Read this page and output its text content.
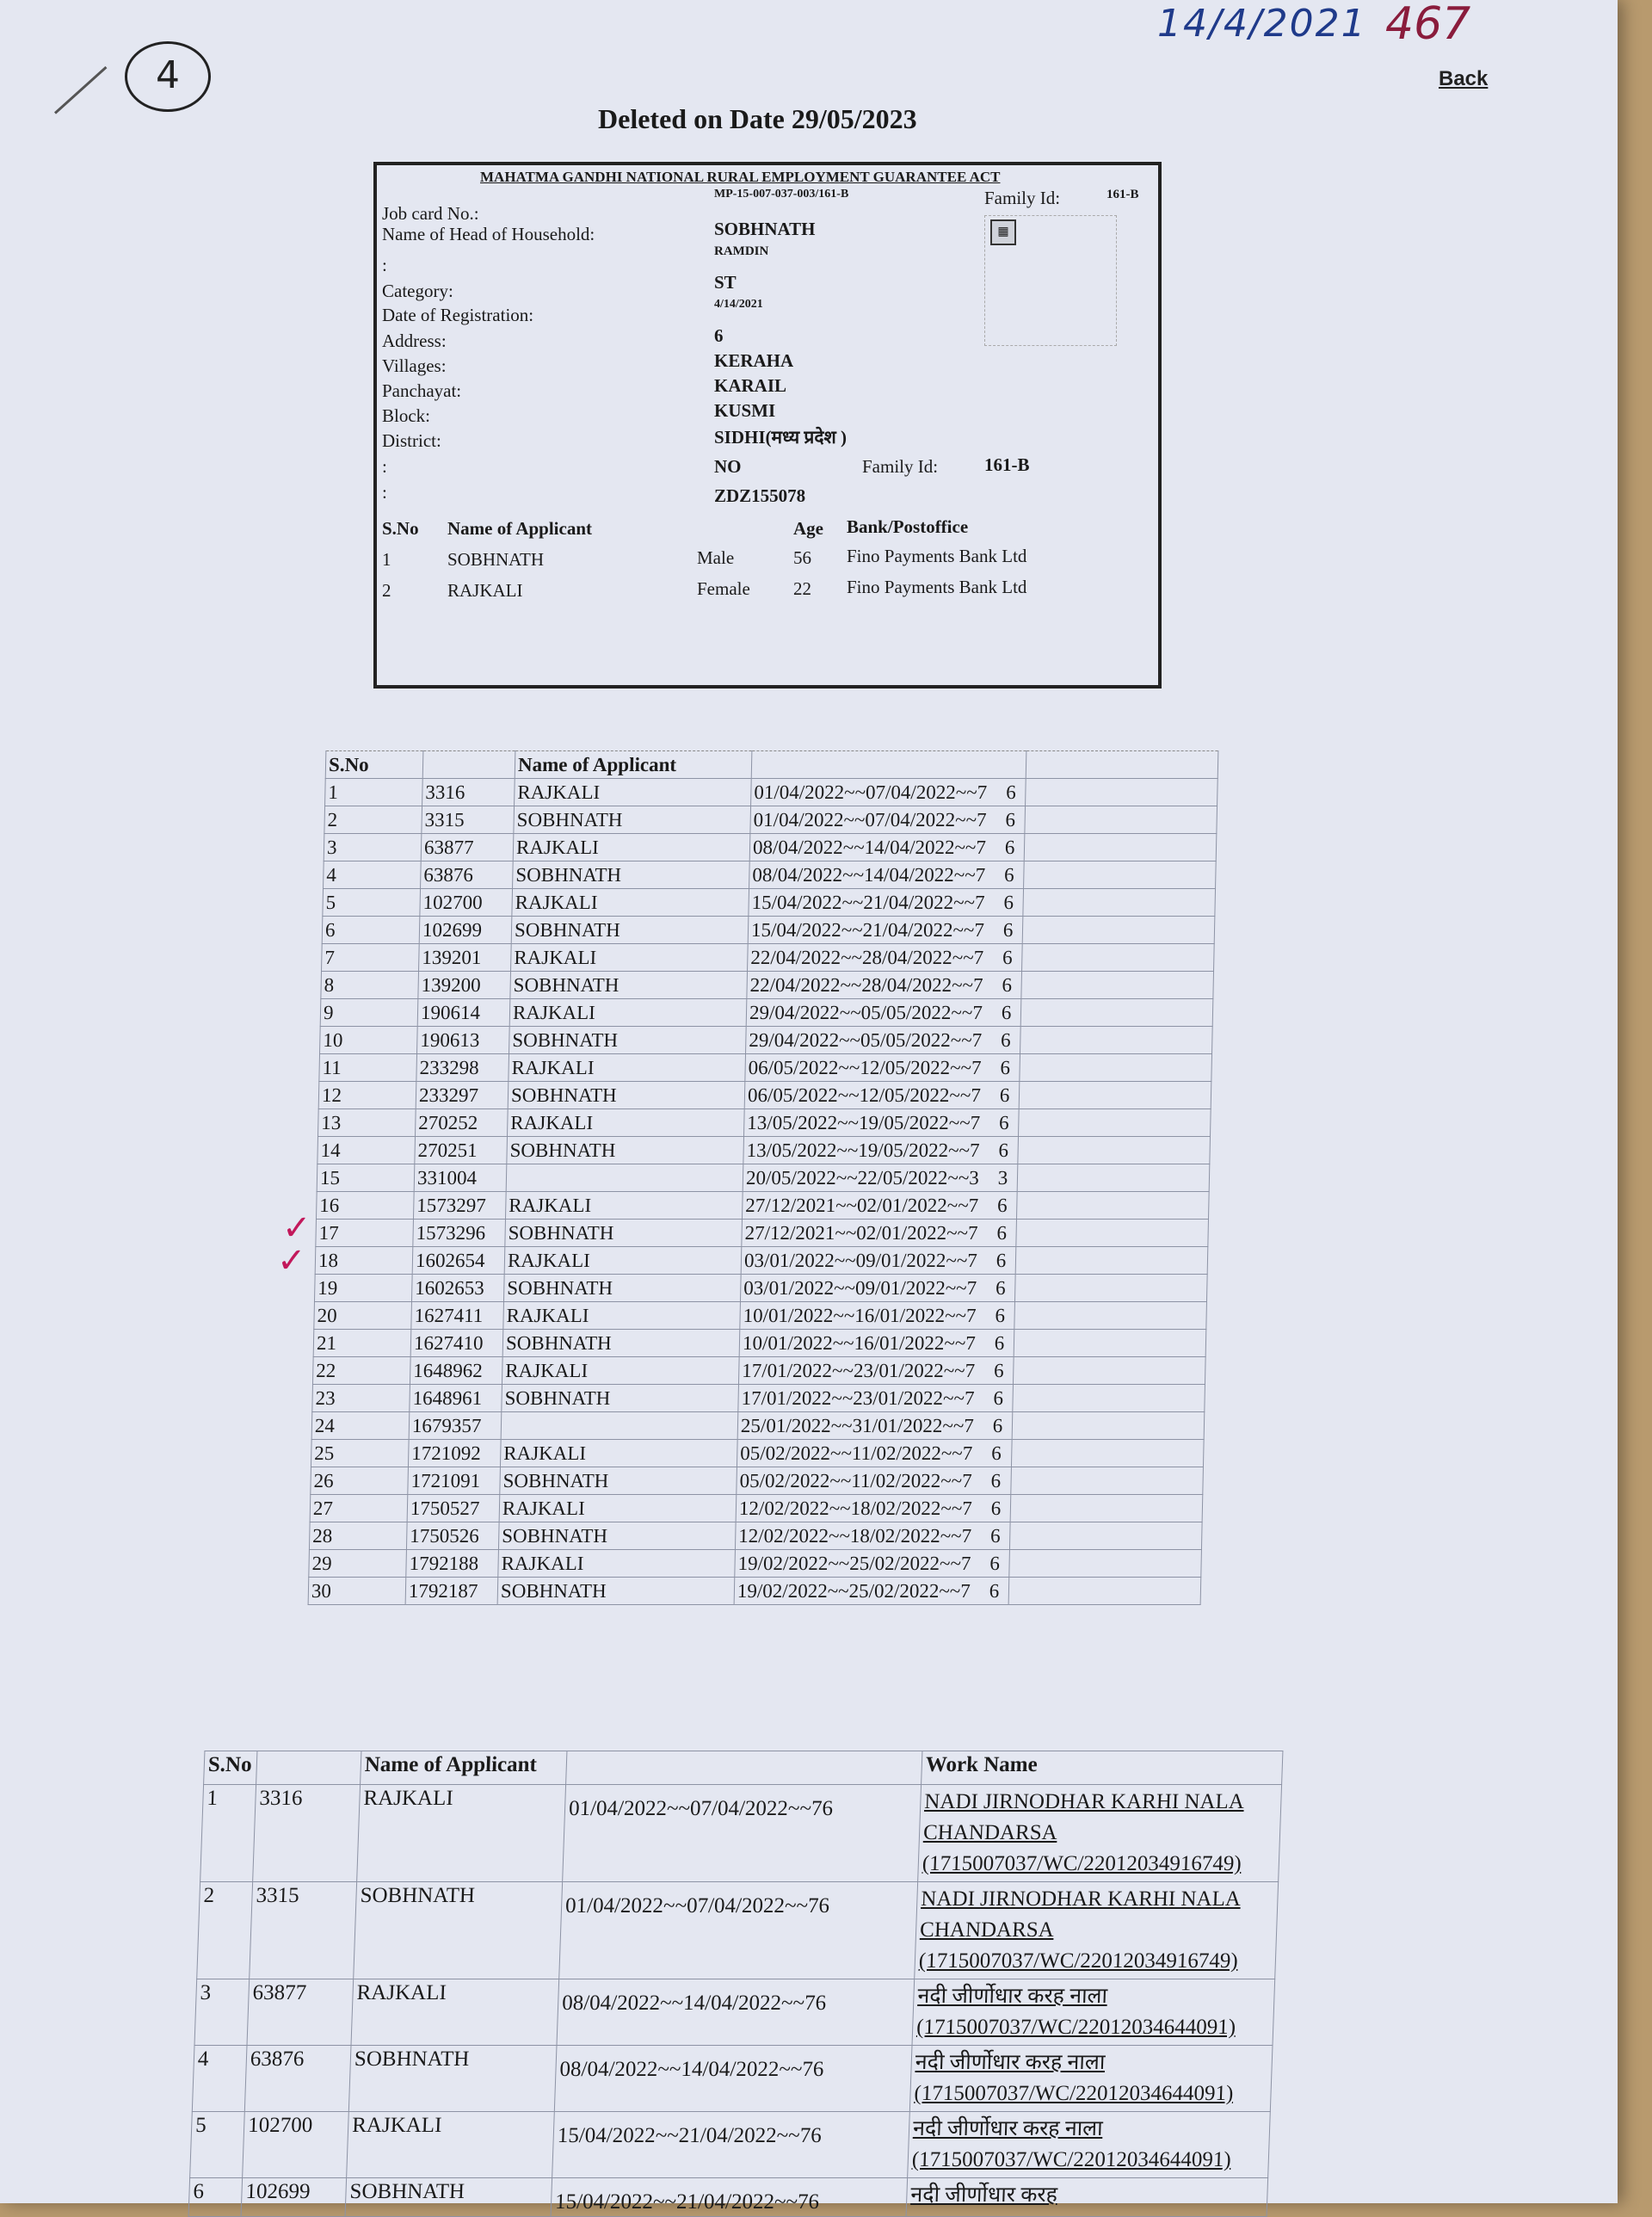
14/4/2021 467
4	Back
Deleted on Date 29/05/2023
MAHATMA GANDHI NATIONAL RURAL EMPLOYMENT GUARANTEE ACT
MP-15-007-037-003/161-B	Family Id:	161-B
▦
Job card No.:
Name of Head of Household:	SOBHNATH
RAMDIN
:
Category:	ST
Date of Registration:
4/14/2021
Address:	6
Villages:	KERAHA
Panchayat:	KARAIL
Block:	KUSMI
District:	SIDHI(मध्य प्रदेश )
:	NO	Family Id:	161-B
:	ZDZ155078
S.No Name of Applicant	Age Bank/Postoffice
1	SOBHNATH	Male	56 Fino Payments Bank Ltd
2	RAJKALI	Female 22 Fino Payments Bank Ltd
S.No		Name of Applicant		
1	3316	RAJKALI	01/04/2022~~07/04/2022~~7 6	
2	3315	SOBHNATH	01/04/2022~~07/04/2022~~7 6	
3	63877	RAJKALI	08/04/2022~~14/04/2022~~7 6	
4	63876	SOBHNATH	08/04/2022~~14/04/2022~~7 6	
5	102700	RAJKALI	15/04/2022~~21/04/2022~~7 6	
6	102699	SOBHNATH	15/04/2022~~21/04/2022~~7 6	
7	139201	RAJKALI	22/04/2022~~28/04/2022~~7 6	
8	139200	SOBHNATH	22/04/2022~~28/04/2022~~7 6	
9	190614	RAJKALI	29/04/2022~~05/05/2022~~7 6	
10	190613	SOBHNATH	29/04/2022~~05/05/2022~~7 6	
11	233298	RAJKALI	06/05/2022~~12/05/2022~~7 6	
12	233297	SOBHNATH	06/05/2022~~12/05/2022~~7 6	
13	270252	RAJKALI	13/05/2022~~19/05/2022~~7 6	
14	270251	SOBHNATH	13/05/2022~~19/05/2022~~7 6	
15	331004		20/05/2022~~22/05/2022~~3 3	
16	1573297	RAJKALI	27/12/2021~~02/01/2022~~7 6	
17	1573296	SOBHNATH	27/12/2021~~02/01/2022~~7 6	
18	1602654	RAJKALI	03/01/2022~~09/01/2022~~7 6	
19	1602653	SOBHNATH	03/01/2022~~09/01/2022~~7 6	
20	1627411	RAJKALI	10/01/2022~~16/01/2022~~7 6	
21	1627410	SOBHNATH	10/01/2022~~16/01/2022~~7 6	
22	1648962	RAJKALI	17/01/2022~~23/01/2022~~7 6	
23	1648961	SOBHNATH	17/01/2022~~23/01/2022~~7 6	
24	1679357		25/01/2022~~31/01/2022~~7 6	
25	1721092	RAJKALI	05/02/2022~~11/02/2022~~7 6	
26	1721091	SOBHNATH	05/02/2022~~11/02/2022~~7 6	
27	1750527	RAJKALI	12/02/2022~~18/02/2022~~7 6	
28	1750526	SOBHNATH	12/02/2022~~18/02/2022~~7 6	
29	1792188	RAJKALI	19/02/2022~~25/02/2022~~7 6	
30	1792187	SOBHNATH	19/02/2022~~25/02/2022~~7 6	
✓
✓
S.No		Name of Applicant		Work Name
1	3316	RAJKALI	01/04/2022~~07/04/2022~~76	NADI JIRNODHAR KARHI NALA
CHANDARSA
(1715007037/WC/22012034916749)

2	3315	SOBHNATH	01/04/2022~~07/04/2022~~76	NADI JIRNODHAR KARHI NALA
CHANDARSA
(1715007037/WC/22012034916749)

3	63877	RAJKALI	08/04/2022~~14/04/2022~~76	नदी जीर्णोधार करह नाला
(1715007037/WC/22012034644091)

4	63876	SOBHNATH	08/04/2022~~14/04/2022~~76	नदी जीर्णोधार करह नाला
(1715007037/WC/22012034644091)

5	102700	RAJKALI	15/04/2022~~21/04/2022~~76	नदी जीर्णोधार करह नाला
(1715007037/WC/22012034644091)

6	102699	SOBHNATH	15/04/2022~~21/04/2022~~76	नदी जीर्णोधार करह
